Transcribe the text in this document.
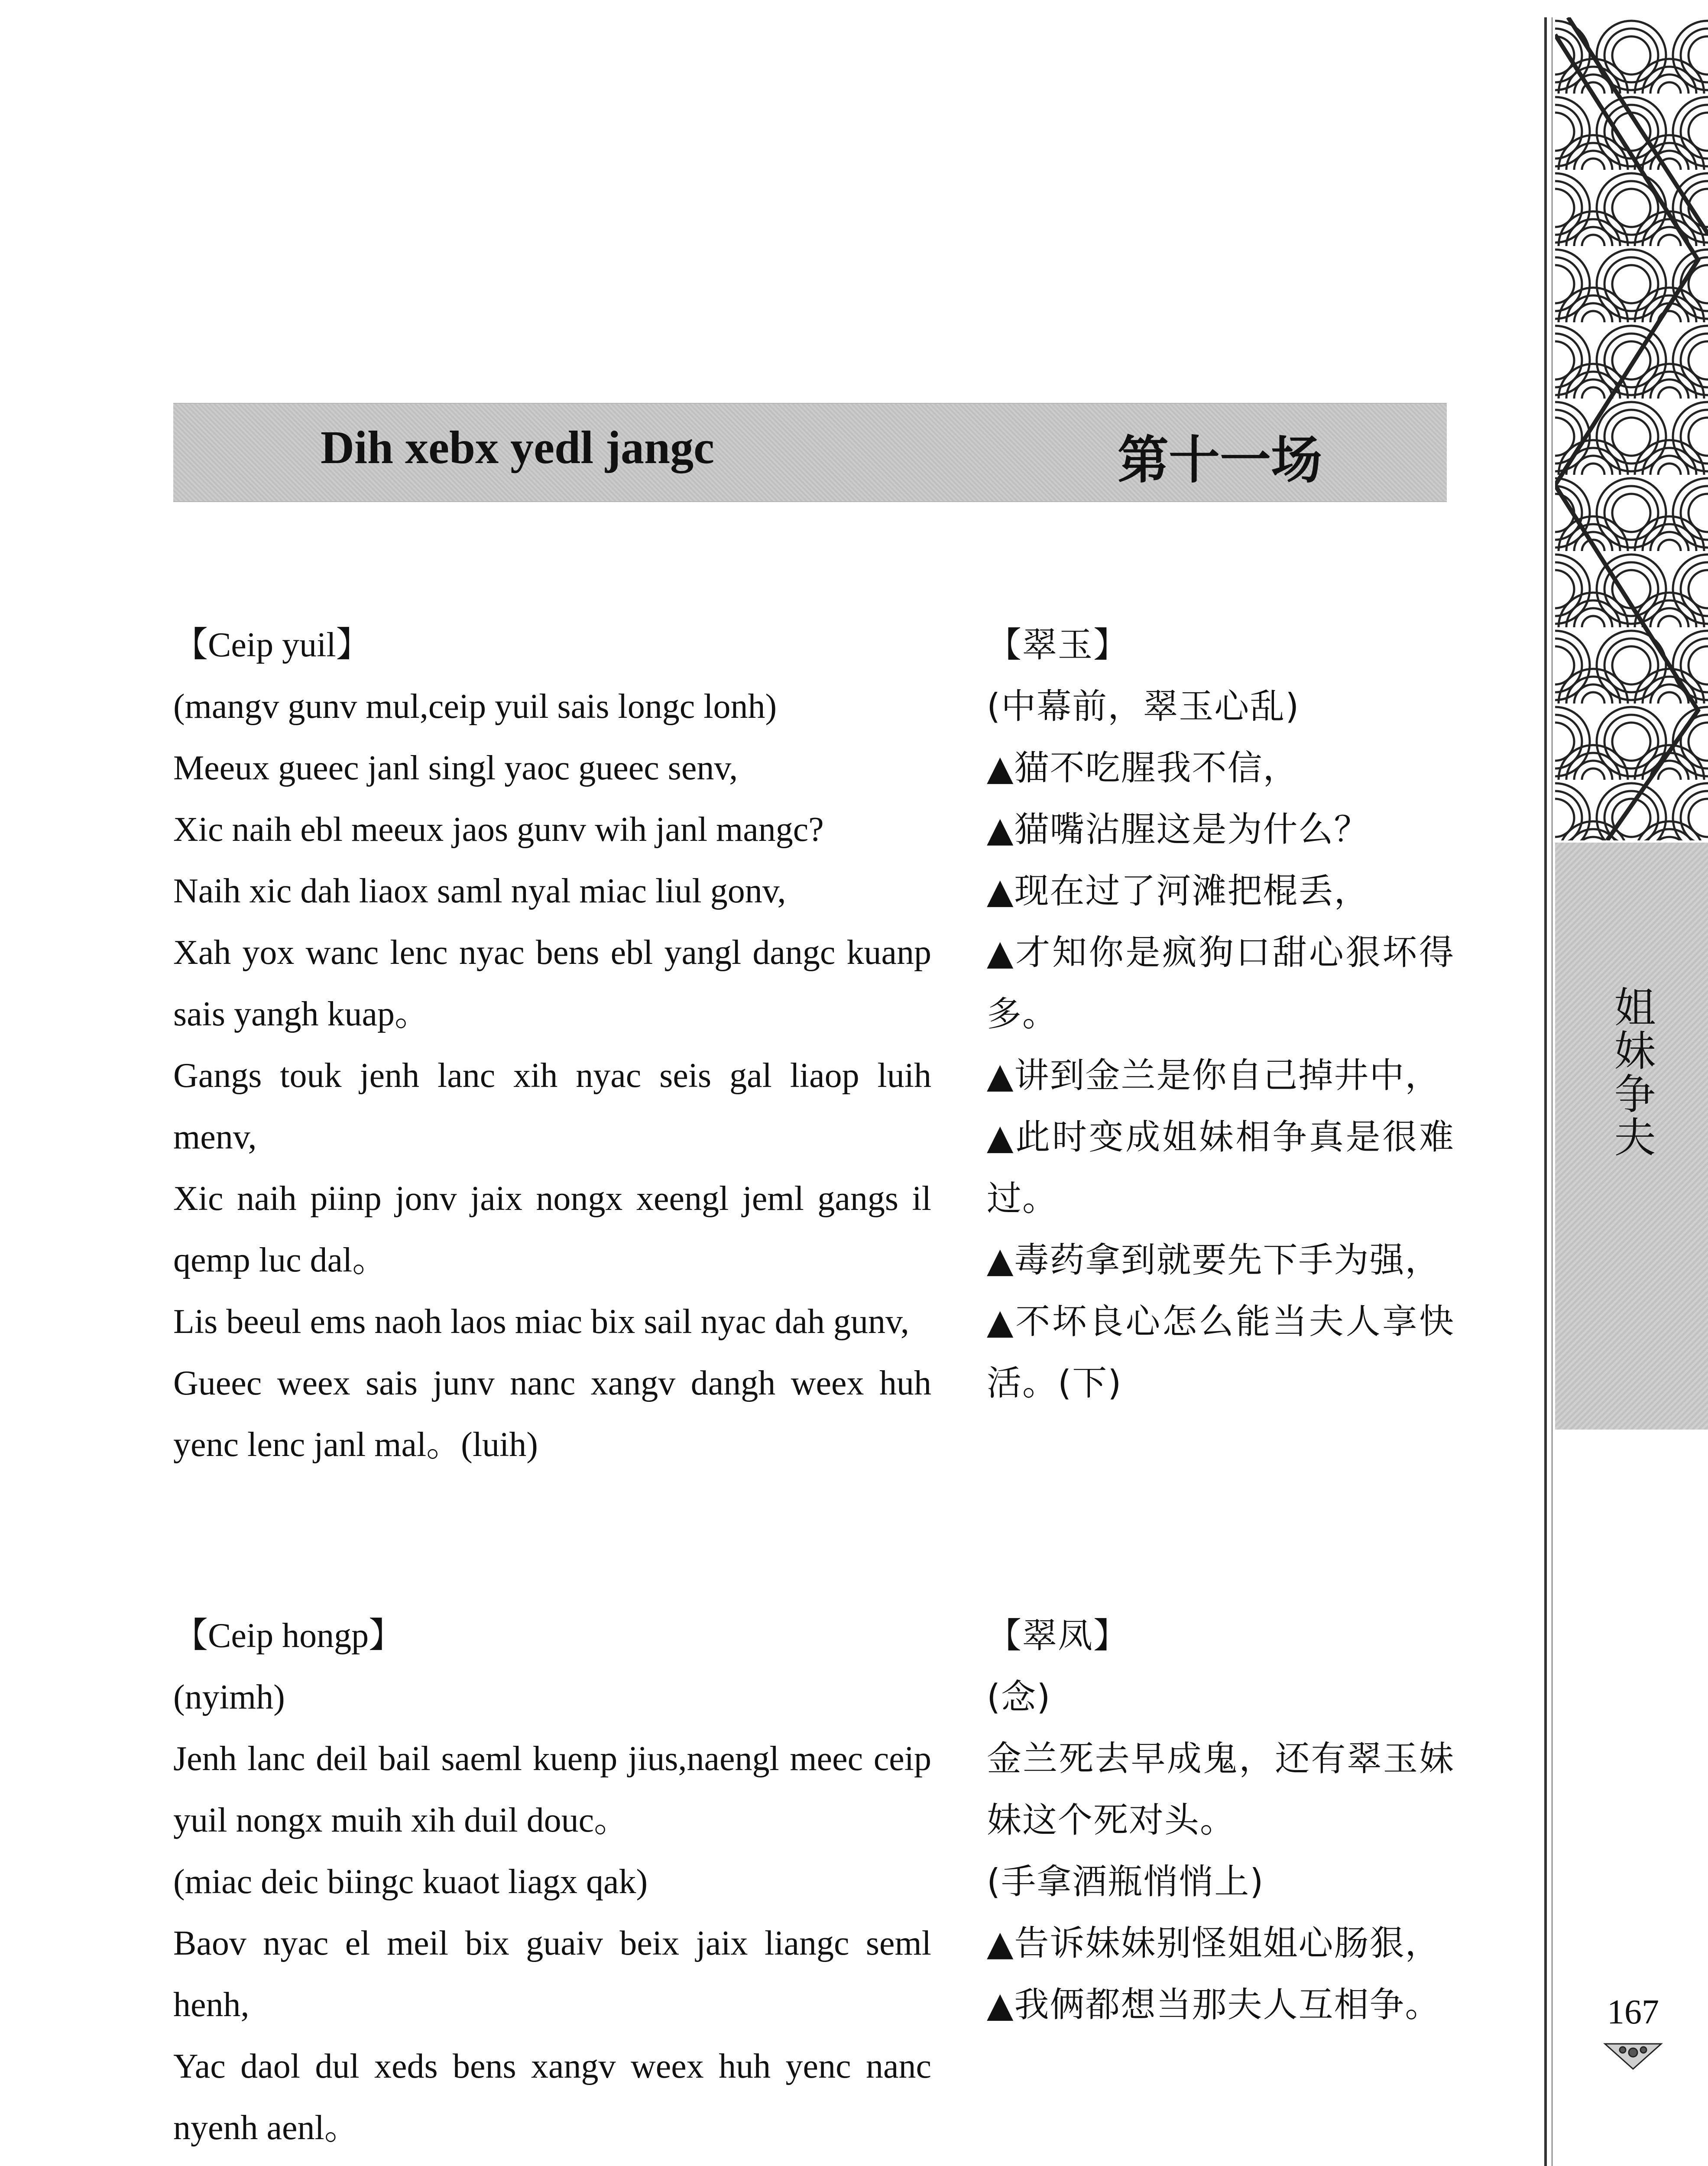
Dih xebx yedl jangc	第十一场

【Ceip yuil】

(mangv gunv mul,ceip yuil sais longc lonh)

Meeux gueec janl singl yaoc gueec senv,

Xic naih ebl meeux jaos gunv wih janl mangc?

Naih xic dah liaox saml nyal miac liul gonv,

Xah yox wanc lenc nyac bens ebl yangl dangc kuanp sais yangh kuap。

Gangs touk jenh lanc xih nyac seis gal liaop luih menv,

Xic naih piinp jonv jaix nongx xeengl jeml gangs il qemp luc dal。

Lis beeul ems naoh laos miac bix sail nyac dah gunv,

Gueec weex sais junv nanc xangv dangh weex huh yenc lenc janl mal。(luih)

【翠玉】

(中幕前，翠玉心乱)

▲猫不吃腥我不信，

▲猫嘴沾腥这是为什么？

▲现在过了河滩把棍丢，

▲才知你是疯狗口甜心狠坏得多。

▲讲到金兰是你自己掉井中，

▲此时变成姐妹相争真是很难过。

▲毒药拿到就要先下手为强，

▲不坏良心怎么能当夫人享快活。(下)

【Ceip hongp】

(nyimh)

Jenh lanc deil bail saeml kuenp jius,naengl meec ceip yuil nongx muih xih duil douc。

(miac deic biingc kuaot liagx qak)

Baov nyac el meil bix guaiv beix jaix liangc seml henh,

Yac daol dul xeds bens xangv weex huh yenc nanc nyenh aenl。

【翠凤】

(念)

金兰死去早成鬼，还有翠玉妹妹这个死对头。

(手拿酒瓶悄悄上)

▲告诉妹妹别怪姐姐心肠狠，

▲我俩都想当那夫人互相争。

姐妹争夫
167
